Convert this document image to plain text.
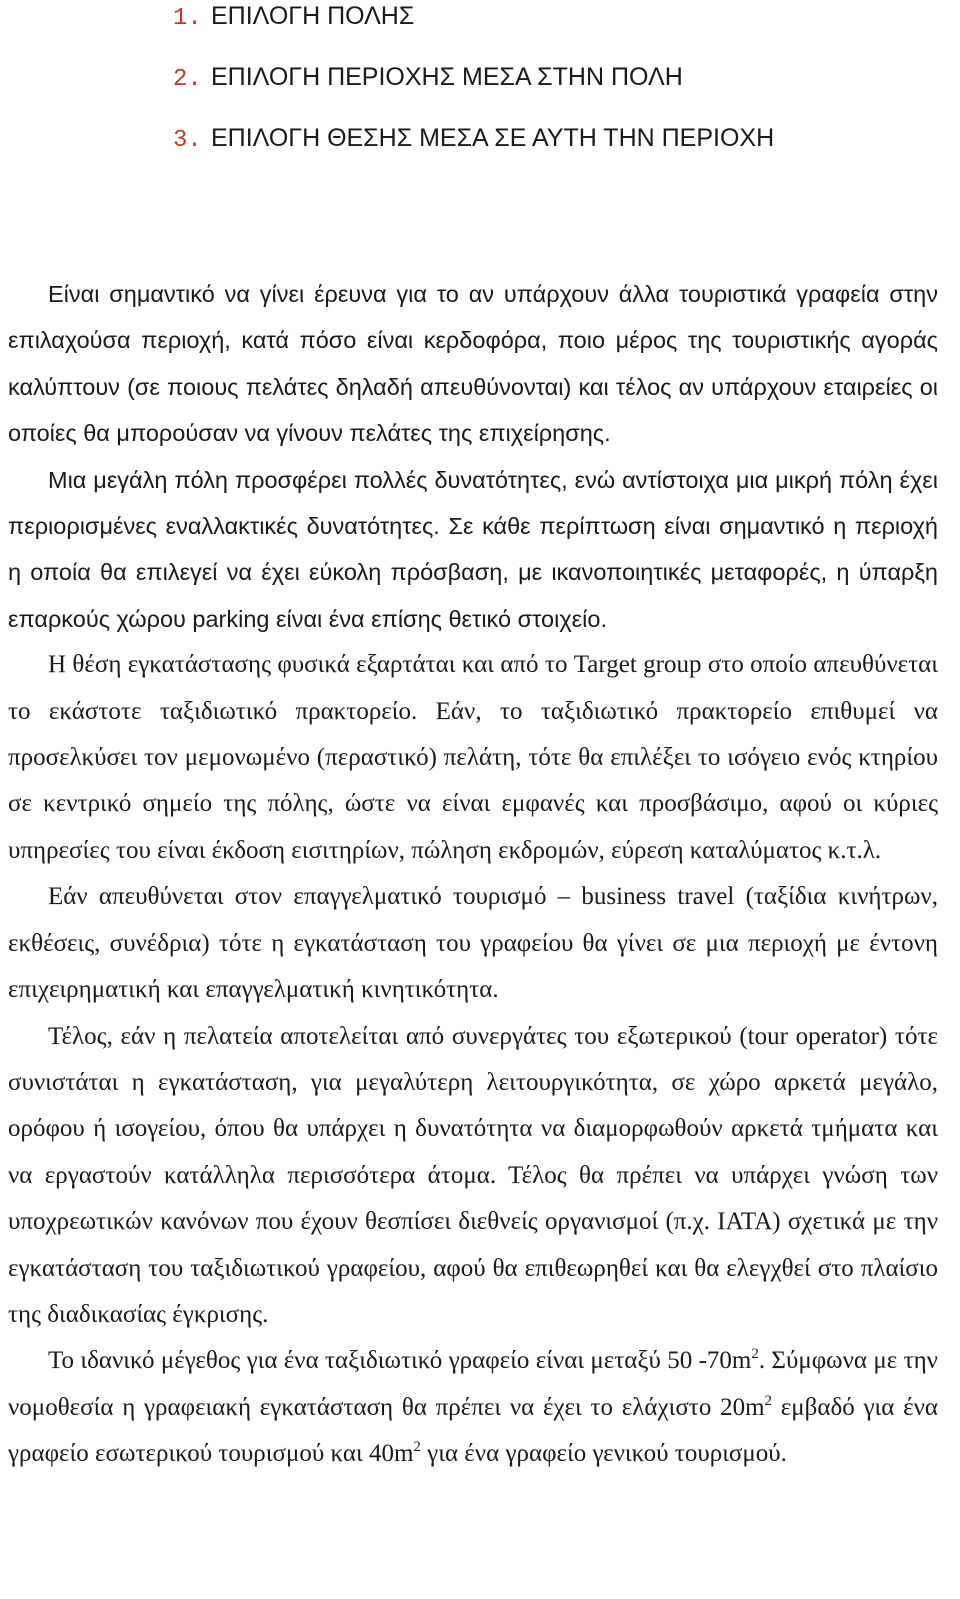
1. ΕΠΙΛΟΓΗ ΠΟΛΗΣ
2. ΕΠΙΛΟΓΗ ΠΕΡΙΟΧΗΣ ΜΕΣΑ ΣΤΗΝ ΠΟΛΗ
3. ΕΠΙΛΟΓΗ ΘΕΣΗΣ ΜΕΣΑ ΣΕ ΑΥΤΗ ΤΗΝ ΠΕΡΙΟΧΗ

Είναι σημαντικό να γίνει έρευνα για το αν υπάρχουν άλλα τουριστικά γραφεία στην επιλαχούσα περιοχή, κατά πόσο είναι κερδοφόρα, ποιο μέρος της τουριστικής αγοράς καλύπτουν (σε ποιους πελάτες δηλαδή απευθύνονται) και τέλος αν υπάρχουν εταιρείες οι οποίες θα μπορούσαν να γίνουν πελάτες της επιχείρησης.

Μια μεγάλη πόλη προσφέρει πολλές δυνατότητες, ενώ αντίστοιχα μια μικρή πόλη έχει περιορισμένες εναλλακτικές δυνατότητες. Σε κάθε περίπτωση είναι σημαντικό η περιοχή η οποία θα επιλεγεί να έχει εύκολη πρόσβαση, με ικανοποιητικές μεταφορές, η ύπαρξη επαρκούς χώρου parking είναι ένα επίσης θετικό στοιχείο.

Η θέση εγκατάστασης φυσικά εξαρτάται και από το Target group στο οποίο απευθύνεται το εκάστοτε ταξιδιωτικό πρακτορείο. Εάν, το ταξιδιωτικό πρακτορείο επιθυμεί να προσελκύσει τον μεμονωμένο (περαστικό) πελάτη, τότε θα επιλέξει το ισόγειο ενός κτηρίου σε κεντρικό σημείο της πόλης, ώστε να είναι εμφανές και προσβάσιμο, αφού οι κύριες υπηρεσίες του είναι έκδοση εισιτηρίων, πώληση εκδρομών, εύρεση καταλύματος κ.τ.λ.

Εάν απευθύνεται στον επαγγελματικό τουρισμό – business travel (ταξίδια κινήτρων, εκθέσεις, συνέδρια) τότε η εγκατάσταση του γραφείου θα γίνει σε μια περιοχή με έντονη επιχειρηματική και επαγγελματική κινητικότητα.

Τέλος, εάν η πελατεία αποτελείται από συνεργάτες του εξωτερικού (tour operator) τότε συνιστάται η εγκατάσταση, για μεγαλύτερη λειτουργικότητα, σε χώρο αρκετά μεγάλο, ορόφου ή ισογείου, όπου θα υπάρχει η δυνατότητα να διαμορφωθούν αρκετά τμήματα και να εργαστούν κατάλληλα περισσότερα άτομα. Τέλος θα πρέπει να υπάρχει γνώση των υποχρεωτικών κανόνων που έχουν θεσπίσει διεθνείς οργανισμοί (π.χ. ΙΑΤΑ) σχετικά με την εγκατάσταση του ταξιδιωτικού γραφείου, αφού θα επιθεωρηθεί και θα ελεγχθεί στο πλαίσιο της διαδικασίας έγκρισης.

Το ιδανικό μέγεθος για ένα ταξιδιωτικό γραφείο είναι μεταξύ 50 $-70m^2$. Σύμφωνα με την νομοθεσία η γραφειακή εγκατάσταση θα πρέπει να έχει το ελάχιστο $20m^2$ εμβαδό για ένα γραφείο εσωτερικού τουρισμού και $40m^2$ για ένα γραφείο γενικού τουρισμού.
